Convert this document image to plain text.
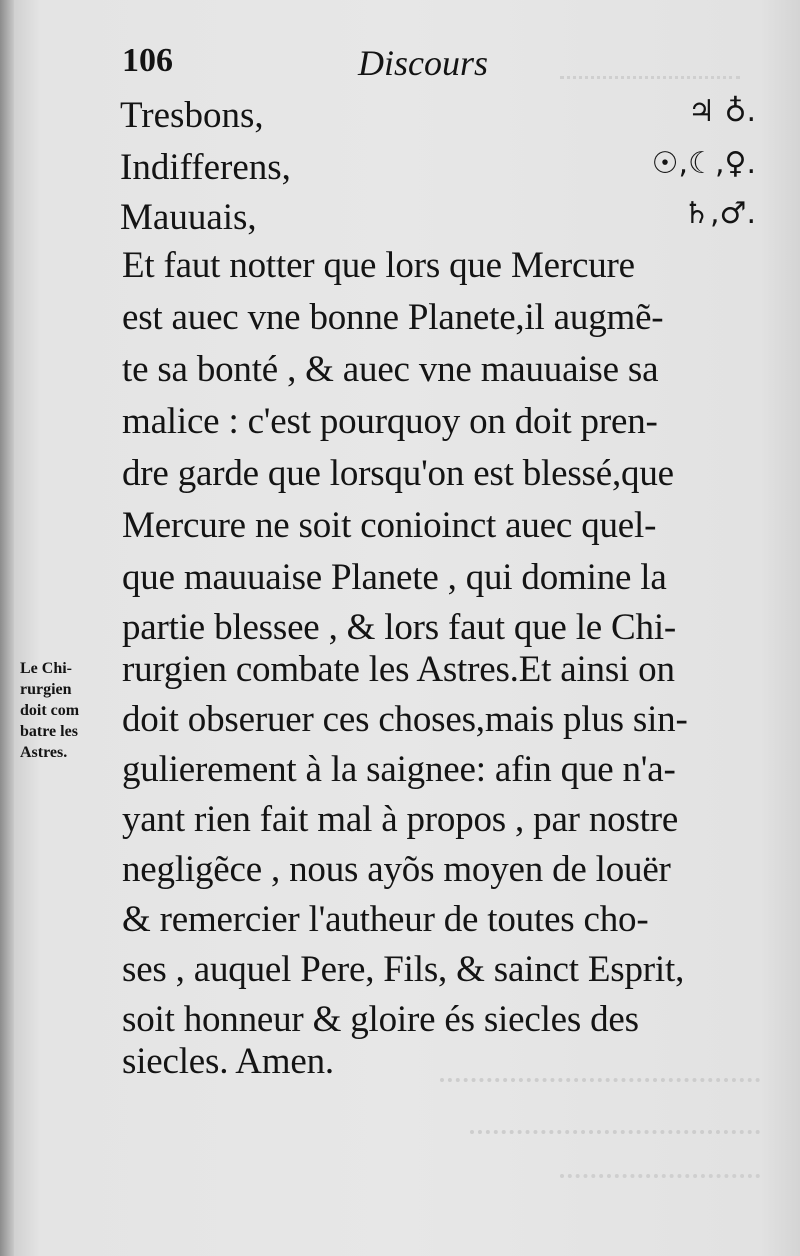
106	Discours
Tresbons,	♃ ♁.
Indifferens,	☉,☾,♀.
Mauuais,	♄,♂.
Et faut notter que lors que Mercure
est auec vne bonne Planete,il augmẽ-
te sa bonté , & auec vne mauuaise sa
malice : c'est pourquoy on doit pren-
dre garde que lorsqu'on est blessé,que
Mercure ne soit conioinct auec quel-
que mauuaise Planete , qui domine la
partie blessee , & lors faut que le Chi-
rurgien combate les Astres.Et ainsi on
doit obseruer ces choses,mais plus sin-
gulierement à la saignee: afin que n'a-
yant rien fait mal à propos , par nostre
negligẽce , nous ayõs moyen de louër
& remercier l'autheur de toutes cho-
ses , auquel Pere, Fils, & sainct Esprit,
soit honneur & gloire és siecles des
siecles. Amen.
Le Chi-
rurgien
doit com
batre les
Astres.
